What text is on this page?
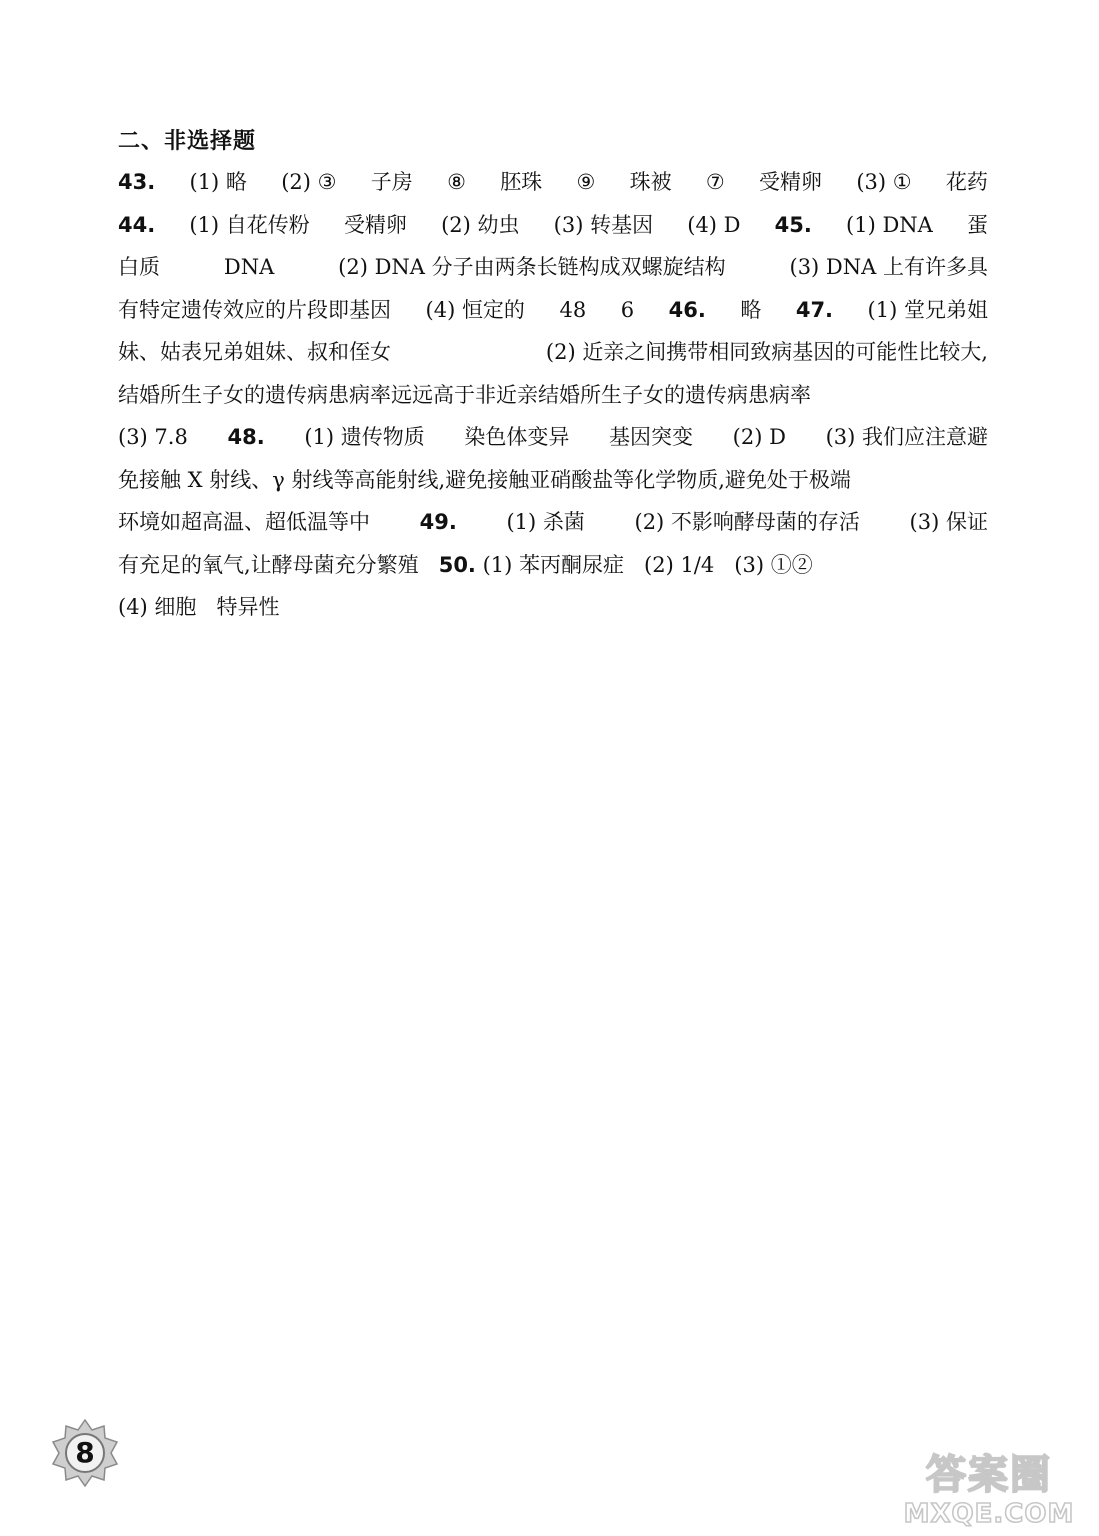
二、非选择题
43. (1) 略 (2) ③ 子房 ⑧ 胚珠 ⑨ 珠被 ⑦ 受精卵 (3) ① 花药
44. (1) 自花传粉 受精卵 (2) 幼虫 (3) 转基因 (4) D 45. (1) DNA 蛋
白质	DNA	(2) DNA 分子由两条长链构成双螺旋结构	(3) DNA 上有许多具
有特定遗传效应的片段即基因 (4) 恒定的 48 6 46. 略 47. (1) 堂兄弟姐
妹、姑表兄弟姐妹、叔和侄女	(2) 近亲之间携带相同致病基因的可能性比较大,
结婚所生子女的遗传病患病率远远高于非近亲结婚所生子女的遗传病患病率
(3) 7.8 48. (1) 遗传物质 染色体变异 基因突变 (2) D (3) 我们应注意避
免接触 X 射线、γ 射线等高能射线,避免接触亚硝酸盐等化学物质,避免处于极端
环境如超高温、超低温等中 49. (1) 杀菌 (2) 不影响酵母菌的存活 (3) 保证
有充足的氧气,让酵母菌充分繁殖 50. (1) 苯丙酮尿症   (2) 1/4   (3) ①②
(4) 细胞   特异性
8	答案圈
MXQE.COM
